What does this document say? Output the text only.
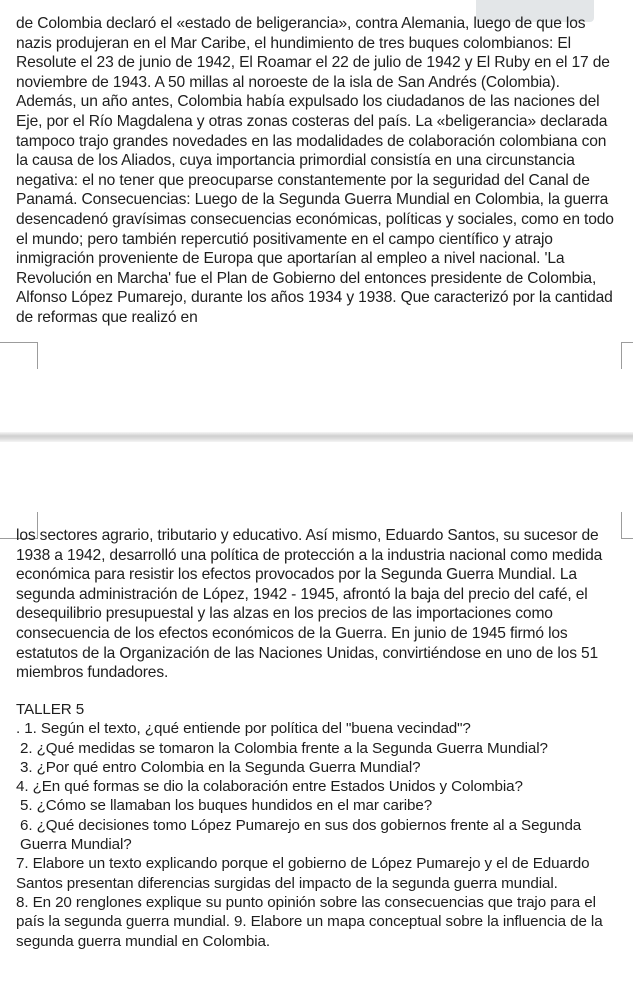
de Colombia declaró el «estado de beligerancia», contra Alemania, luego de que los nazis produjeran en el Mar Caribe, el hundimiento de tres buques colombianos: El Resolute el 23 de junio de 1942, El Roamar el 22 de julio de 1942 y El Ruby en el 17 de noviembre de 1943. A 50 millas al noroeste de la isla de San Andrés (Colombia). Además, un año antes, Colombia había expulsado los ciudadanos de las naciones del Eje, por el Río Magdalena y otras zonas costeras del país. La «beligerancia» declarada tampoco trajo grandes novedades en las modalidades de colaboración colombiana con la causa de los Aliados, cuya importancia primordial consistía en una circunstancia negativa: el no tener que preocuparse constantemente por la seguridad del Canal de Panamá. Consecuencias: Luego de la Segunda Guerra Mundial en Colombia, la guerra desencadenó gravísimas consecuencias económicas, políticas y sociales, como en todo el mundo; pero también repercutió positivamente en el campo científico y atrajo inmigración proveniente de Europa que aportarían al empleo a nivel nacional. 'La Revolución en Marcha' fue el Plan de Gobierno del entonces presidente de Colombia, Alfonso López Pumarejo, durante los años 1934 y 1938. Que caracterizó por la cantidad de reformas que realizó en

los sectores agrario, tributario y educativo. Así mismo, Eduardo Santos, su sucesor de 1938 a 1942, desarrolló una política de protección a la industria nacional como medida económica para resistir los efectos provocados por la Segunda Guerra Mundial. La segunda administración de López, 1942 - 1945, afrontó la baja del precio del café, el desequilibrio presupuestal y las alzas en los precios de las importaciones como consecuencia de los efectos económicos de la Guerra. En junio de 1945 firmó los estatutos de la Organización de las Naciones Unidas, convirtiéndose en uno de los 51 miembros fundadores.

TALLER 5

. 1. Según el texto, ¿qué entiende por política del "buena vecindad"?

2. ¿Qué medidas se tomaron la Colombia frente a la Segunda Guerra Mundial?

3. ¿Por qué entro Colombia en la Segunda Guerra Mundial?

4. ¿En qué formas se dio la colaboración entre Estados Unidos y Colombia?

5. ¿Cómo se llamaban los buques hundidos en el mar caribe?

6. ¿Qué decisiones tomo López Pumarejo en sus dos gobiernos frente al a Segunda Guerra Mundial?

7. Elabore un texto explicando porque el gobierno de López Pumarejo y el de Eduardo Santos presentan diferencias surgidas del impacto de la segunda guerra mundial.

8. En 20 renglones explique su punto opinión sobre las consecuencias que trajo para el país la segunda guerra mundial. 9. Elabore un mapa conceptual sobre la influencia de la segunda guerra mundial en Colombia.
